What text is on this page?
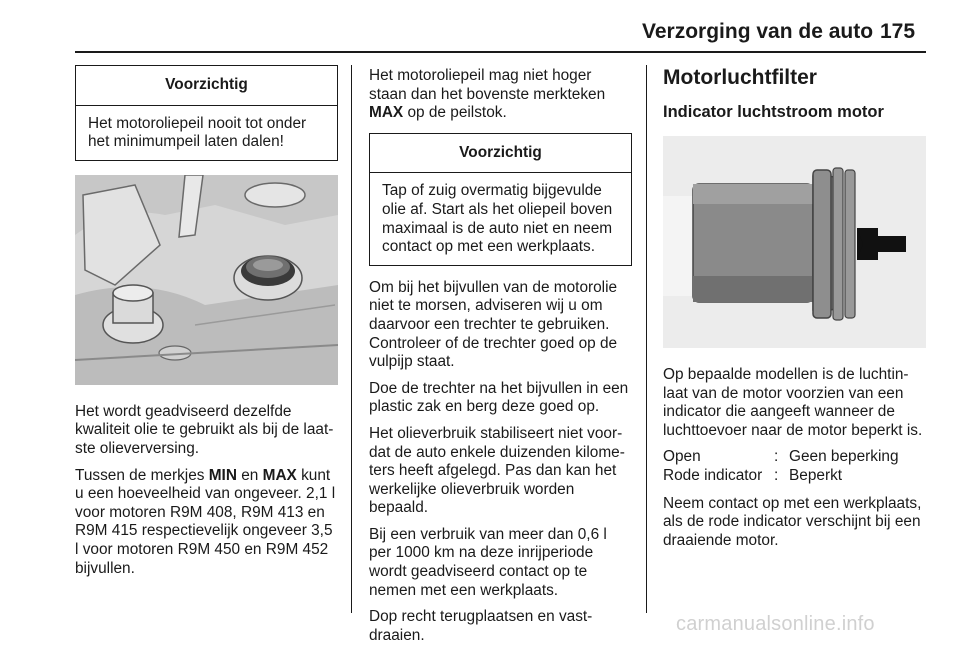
Verzorging van de auto 175
Voorzichtig

Het motoroliepeil nooit tot onder het minimumpeil laten dalen!

Het wordt geadviseerd dezelfde kwaliteit olie te gebruikt als bij de laat-ste olieverversing.

Tussen de merkjes MIN en MAX kunt u een hoeveelheid van ongeveer. 2,1 l voor motoren R9M 408, R9M 413 en R9M 415 respectievelijk ongeveer 3,5 l voor motoren R9M 450 en R9M 452 bijvullen.

Het motoroliepeil mag niet hoger staan dan het bovenste merkteken MAX op de peilstok.

Voorzichtig

Tap of zuig overmatig bijgevulde olie af. Start als het oliepeil boven maximaal is de auto niet en neem contact op met een werkplaats.

Om bij het bijvullen van de motorolie niet te morsen, adviseren wij u om daarvoor een trechter te gebruiken. Controleer of de trechter goed op de vulpijp staat.

Doe de trechter na het bijvullen in een plastic zak en berg deze goed op.

Het olieverbruik stabiliseert niet voor-dat de auto enkele duizenden kilome-ters heeft afgelegd. Pas dan kan het werkelijke olieverbruik worden bepaald.

Bij een verbruik van meer dan 0,6 l per 1000 km na deze inrijperiode wordt geadviseerd contact op te nemen met een werkplaats.

Dop recht terugplaatsen en vast-draaien.

Motorluchtfilter
Indicator luchtstroom motor

Op bepaalde modellen is de luchtin-laat van de motor voorzien van een indicator die aangeeft wanneer de luchttoevoer naar de motor beperkt is.

Open	:	Geen beperking
Rode indicator	:	Beperkt

Neem contact op met een werkplaats, als de rode indicator verschijnt bij een draaiende motor.

carmanualsonline.info
